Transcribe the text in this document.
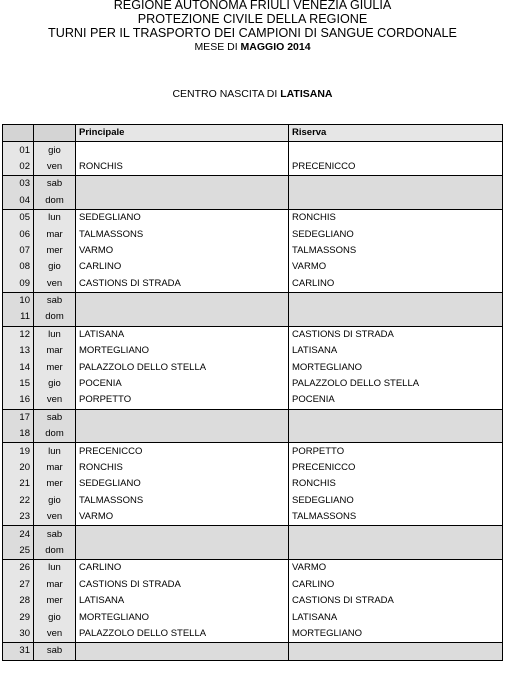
REGIONE AUTONOMA FRIULI VENEZIA GIULIA
PROTEZIONE CIVILE DELLA REGIONE
TURNI PER IL TRASPORTO DEI CAMPIONI DI SANGUE CORDONALE
MESE DI MAGGIO 2014
CENTRO NASCITA DI LATISANA
		Principale	Riserva
01	gio		
02	ven	RONCHIS	PRECENICCO
03	sab		
04	dom		
05	lun	SEDEGLIANO	RONCHIS
06	mar	TALMASSONS	SEDEGLIANO
07	mer	VARMO	TALMASSONS
08	gio	CARLINO	VARMO
09	ven	CASTIONS DI STRADA	CARLINO
10	sab		
11	dom		
12	lun	LATISANA	CASTIONS DI STRADA
13	mar	MORTEGLIANO	LATISANA
14	mer	PALAZZOLO DELLO STELLA	MORTEGLIANO
15	gio	POCENIA	PALAZZOLO DELLO STELLA
16	ven	PORPETTO	POCENIA
17	sab		
18	dom		
19	lun	PRECENICCO	PORPETTO
20	mar	RONCHIS	PRECENICCO
21	mer	SEDEGLIANO	RONCHIS
22	gio	TALMASSONS	SEDEGLIANO
23	ven	VARMO	TALMASSONS
24	sab		
25	dom		
26	lun	CARLINO	VARMO
27	mar	CASTIONS DI STRADA	CARLINO
28	mer	LATISANA	CASTIONS DI STRADA
29	gio	MORTEGLIANO	LATISANA
30	ven	PALAZZOLO DELLO STELLA	MORTEGLIANO
31	sab		
